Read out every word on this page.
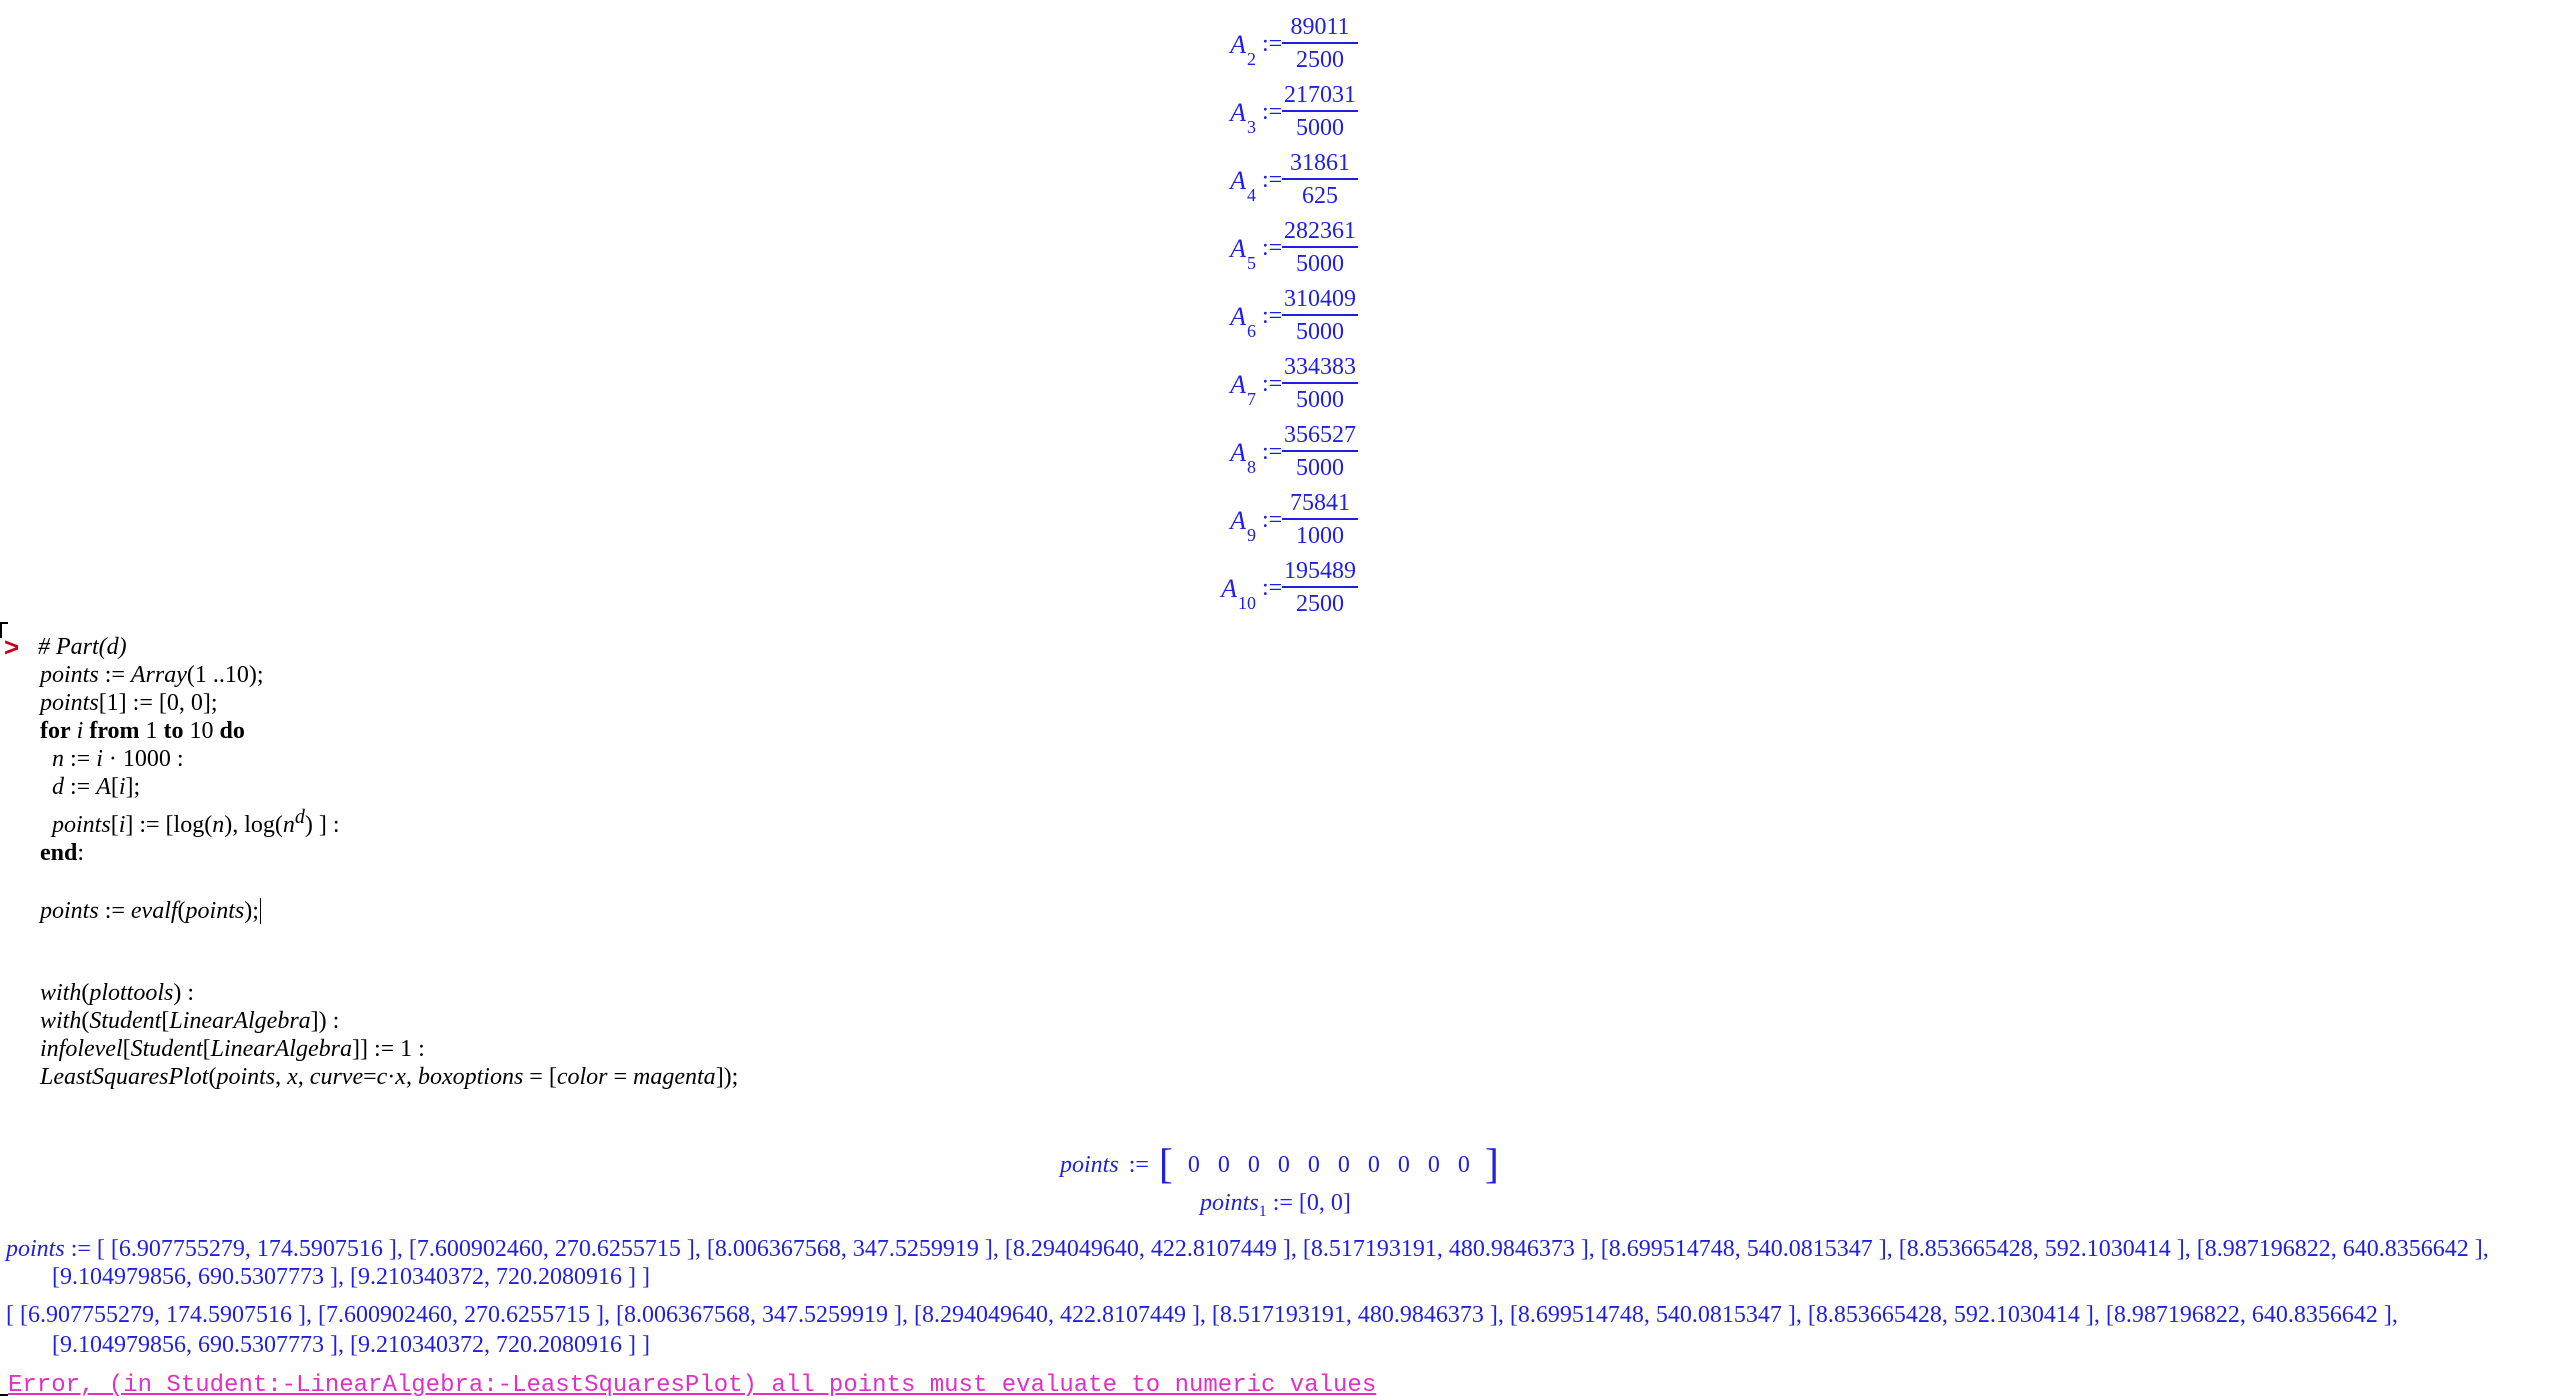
$A_2$
:=
89011
2500
$A_3$
:=
217031
5000
$A_4$
:=
31861
625
$A_5$
:=
282361
5000
$A_6$
:=
310409
5000
$A_7$
:=
334383
5000
$A_8$
:=
356527
5000
$A_9$
:=
75841
1000
$A_{10}$
:=
195489
2500
> # Part(d)
points := Array(1 ..10);
points[1] := [0, 0];
for i from 1 to 10 do
n := i · 1000 :
d := A[i];
points[i] := [log(n), $\log(n^d)$ ] :
end:
points := evalf(points);
with(plottools) :
with(Student[LinearAlgebra]) :
infolevel[Student[LinearAlgebra]] := 1 :
LeastSquaresPlot(points, x, curve=c·x, boxoptions = [color = magenta]);
points := [ 0 0 0 0 0 0 0 0 0 0 ]
points$_1$ := [0, 0]
points := [ [6.907755279, 174.5907516 ], [7.600902460, 270.6255715 ], [8.006367568, 347.5259919 ], [8.294049640, 422.8107449 ], [8.517193191, 480.9846373 ], [8.699514748, 540.0815347 ], [8.853665428, 592.1030414 ], [8.987196822, 640.8356642 ],
[9.104979856, 690.5307773 ], [9.210340372, 720.2080916 ] ]
[ [6.907755279, 174.5907516 ], [7.600902460, 270.6255715 ], [8.006367568, 347.5259919 ], [8.294049640, 422.8107449 ], [8.517193191, 480.9846373 ], [8.699514748, 540.0815347 ], [8.853665428, 592.1030414 ], [8.987196822, 640.8356642 ],
[9.104979856, 690.5307773 ], [9.210340372, 720.2080916 ] ]
Error, (in Student:-LinearAlgebra:-LeastSquaresPlot) all points must evaluate to numeric values
